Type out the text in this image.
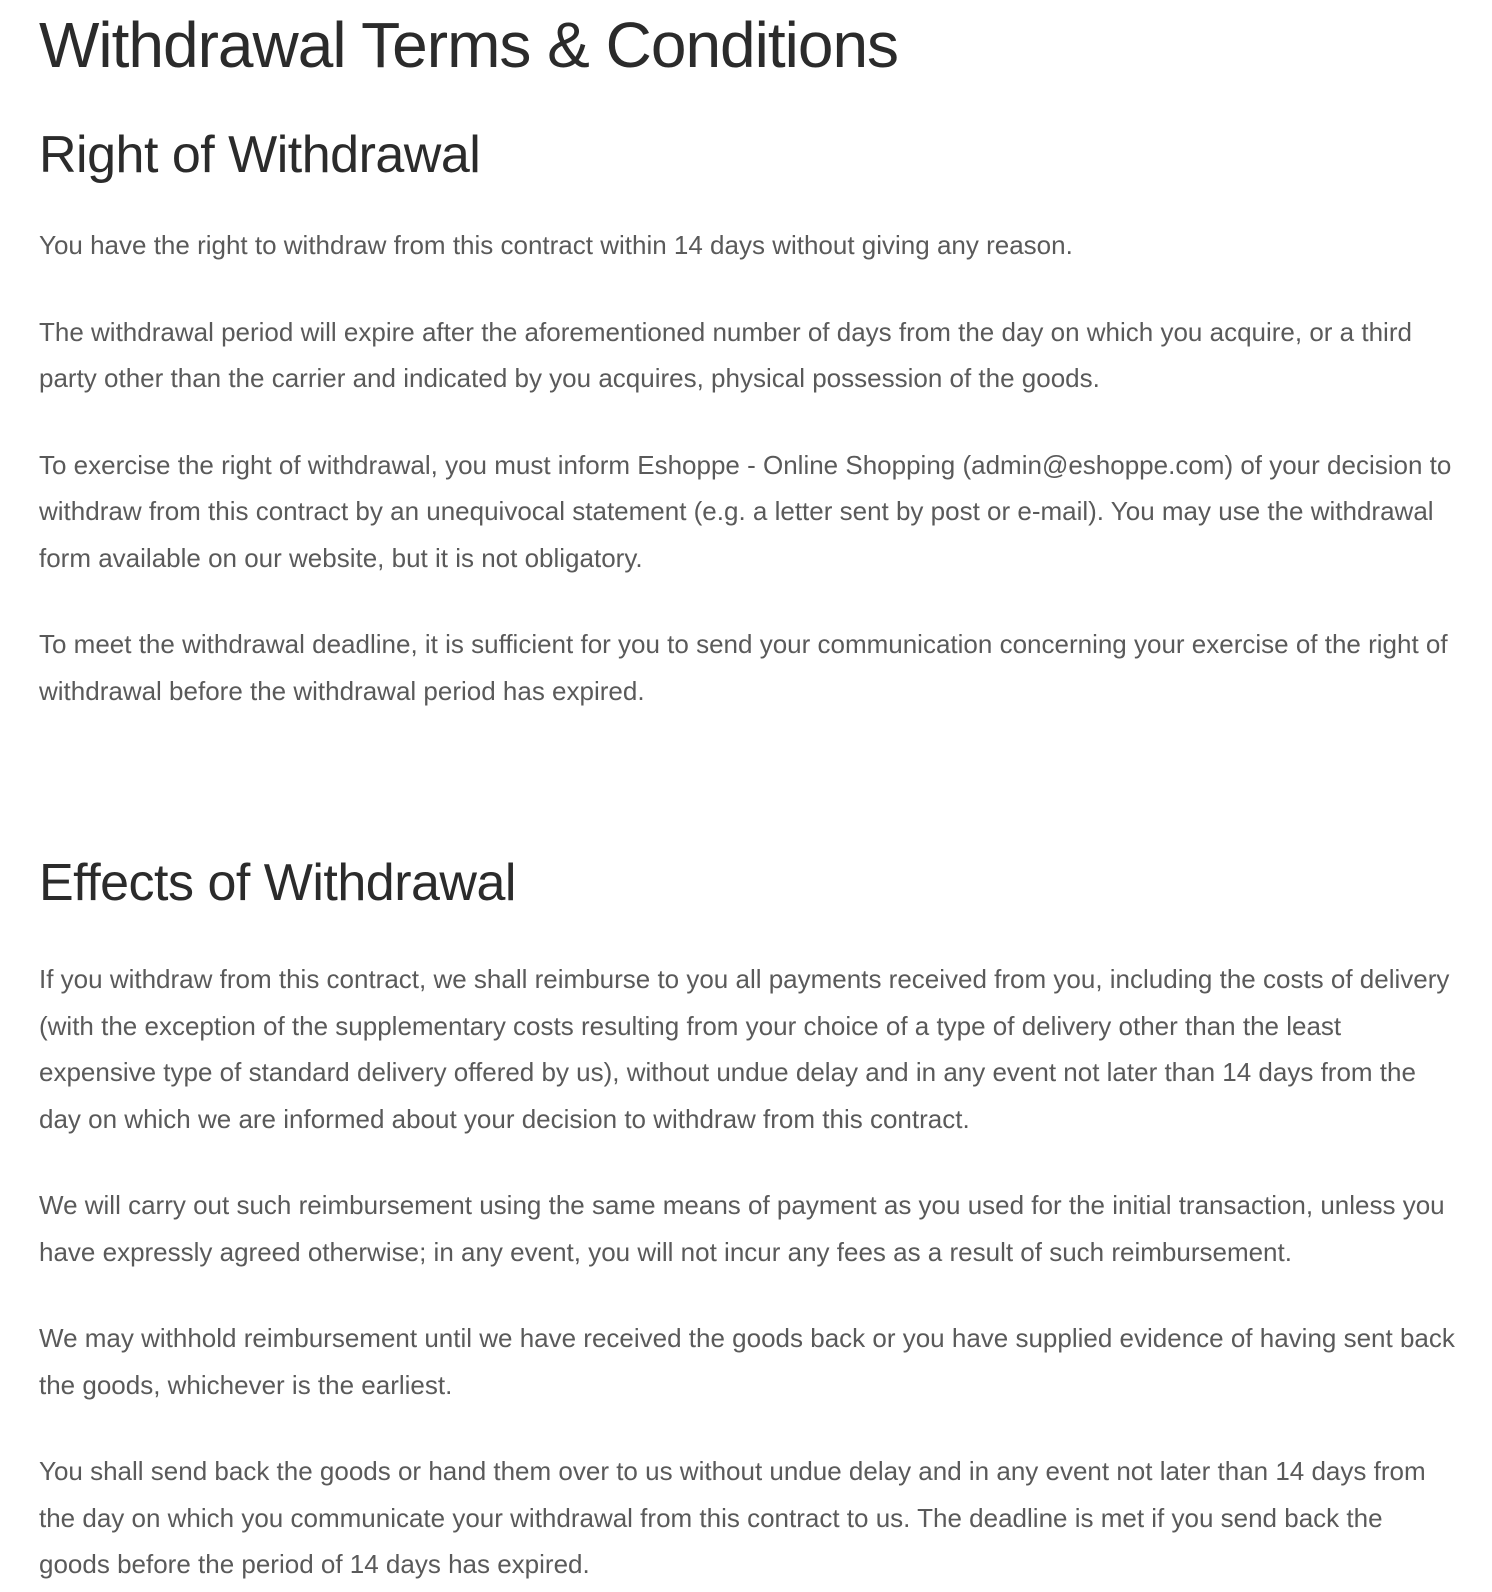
Withdrawal Terms & Conditions
Right of Withdrawal

You have the right to withdraw from this contract within 14 days without giving any reason.

The withdrawal period will expire after the aforementioned number of days from the day on which you acquire, or a third party other than the carrier and indicated by you acquires, physical possession of the goods.

To exercise the right of withdrawal, you must inform Eshoppe - Online Shopping (admin@eshoppe.com) of your decision to withdraw from this contract by an unequivocal statement (e.g. a letter sent by post or e-mail). You may use the withdrawal form available on our website, but it is not obligatory.

To meet the withdrawal deadline, it is sufficient for you to send your communication concerning your exercise of the right of withdrawal before the withdrawal period has expired.

Effects of Withdrawal

If you withdraw from this contract, we shall reimburse to you all payments received from you, including the costs of delivery (with the exception of the supplementary costs resulting from your choice of a type of delivery other than the least expensive type of standard delivery offered by us), without undue delay and in any event not later than 14 days from the day on which we are informed about your decision to withdraw from this contract.

We will carry out such reimbursement using the same means of payment as you used for the initial transaction, unless you have expressly agreed otherwise; in any event, you will not incur any fees as a result of such reimbursement.

We may withhold reimbursement until we have received the goods back or you have supplied evidence of having sent back the goods, whichever is the earliest.

You shall send back the goods or hand them over to us without undue delay and in any event not later than 14 days from the day on which you communicate your withdrawal from this contract to us. The deadline is met if you send back the goods before the period of 14 days has expired.
